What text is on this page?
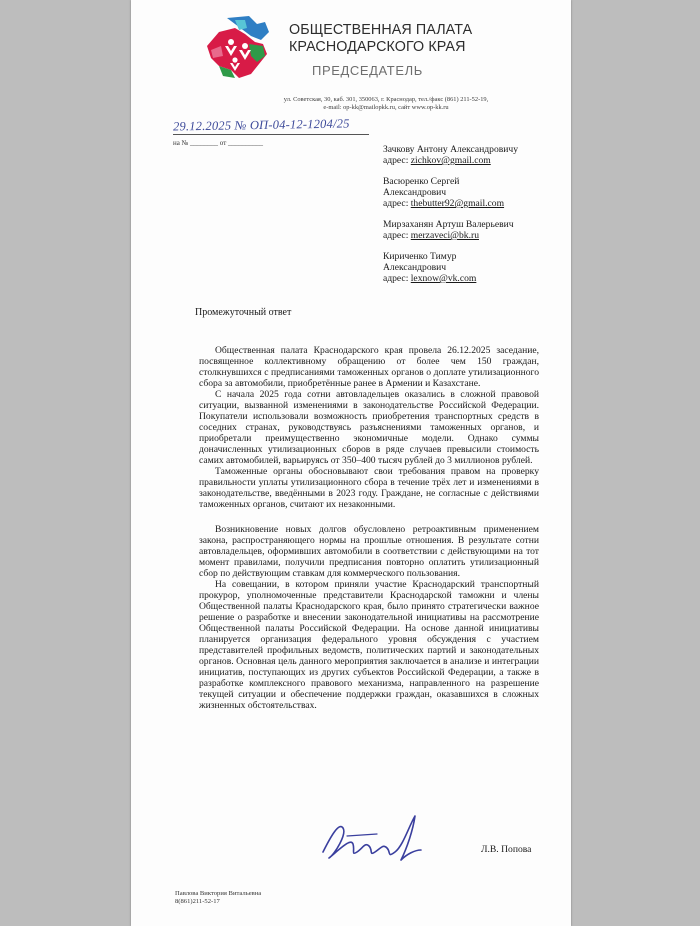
ОБЩЕСТВЕННАЯ ПАЛАТА
КРАСНОДАРСКОГО КРАЯ
ПРЕДСЕДАТЕЛЬ
ул. Советская, 30, каб. 301, 350063, г. Краснодар, тел./факс (861) 211-52-19,
e-mail: op-kk@mailopkk.ru, сайт www.op-kk.ru
29.12.2025 № ОП-04-12-1204/25
на № ________ от __________
Зачкову Антону Александровичу
адрес: zichkov@gmail.com
Васюренко Сергей
Александрович
адрес: thebutter92@gmail.com
Мирзаханян Артуш Валерьевич
адрес: merzaveci@bk.ru
Кириченко Тимур
Александрович
адрес: lexnow@vk.com
Промежуточный ответ

Общественная палата Краснодарского края провела 26.12.2025 заседание, посвященное коллективному обращению от более чем 150 граждан, столкнувшихся с предписаниями таможенных органов о доплате утилизационного сбора за автомобили, приобретённые ранее в Армении и Казахстане.

С начала 2025 года сотни автовладельцев оказались в сложной правовой ситуации, вызванной изменениями в законодательстве Российской Федерации. Покупатели использовали возможность приобретения транспортных средств в соседних странах, руководствуясь разъяснениями таможенных органов, и приобретали преимущественно экономичные модели. Однако суммы доначисленных утилизационных сборов в ряде случаев превысили стоимость самих автомобилей, варьируясь от 350–400 тысяч рублей до 3 миллионов рублей.

Таможенные органы обосновывают свои требования правом на проверку правильности уплаты утилизационного сбора в течение трёх лет и изменениями в законодательстве, введёнными в 2023 году. Граждане, не согласные с действиями таможенных органов, считают их незаконными.

Возникновение новых долгов обусловлено ретроактивным применением закона, распространяющего нормы на прошлые отношения. В результате сотни автовладельцев, оформивших автомобили в соответствии с действующими на тот момент правилами, получили предписания повторно оплатить утилизационный сбор по действующим ставкам для коммерческого пользования.

На совещании, в котором приняли участие Краснодарский транспортный прокурор, уполномоченные представители Краснодарской таможни и члены Общественной палаты Краснодарского края, было принято стратегически важное решение о разработке и внесении законодательной инициативы на рассмотрение Общественной палаты Российской Федерации. На основе данной инициативы планируется организация федерального уровня обсуждения с участием представителей профильных ведомств, политических партий и законодательных органов. Основная цель данного мероприятия заключается в анализе и интеграции инициатив, поступающих из других субъектов Российской Федерации, а также в разработке комплексного правового механизма, направленного на разрешение текущей ситуации и обеспечение поддержки граждан, оказавшихся в сложных жизненных обстоятельствах.

Л.В. Попова
Павлова Виктория Витальевна
8(861)211-52-17
